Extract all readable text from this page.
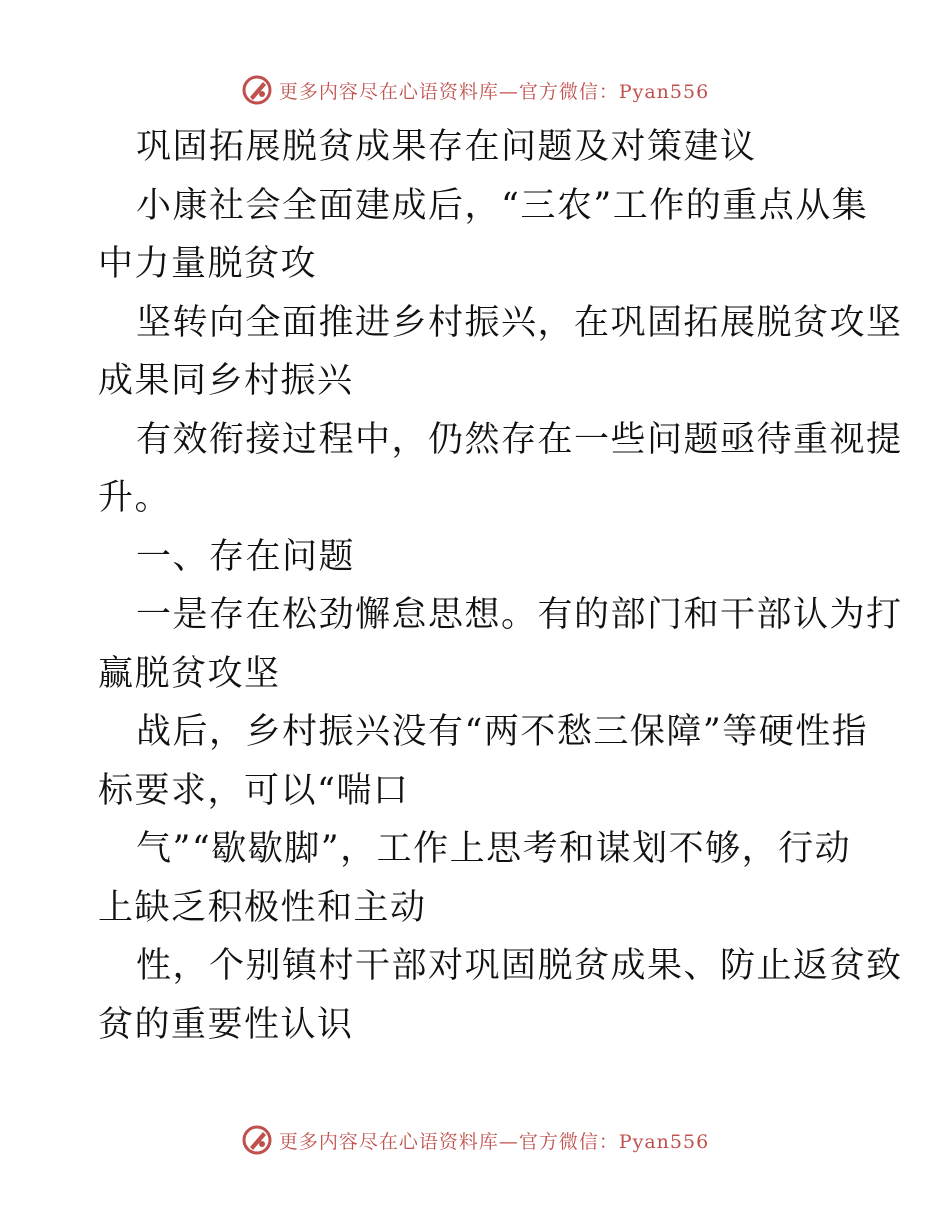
更多内容尽在心语资料库—官方微信：Pyan556
巩固拓展脱贫成果存在问题及对策建议
小康社会全面建成后，“三农”工作的重点从集
中力量脱贫攻
坚转向全面推进乡村振兴，在巩固拓展脱贫攻坚
成果同乡村振兴
有效衔接过程中，仍然存在一些问题亟待重视提
升。
一、存在问题
一是存在松劲懈怠思想。有的部门和干部认为打
赢脱贫攻坚
战后，乡村振兴没有“两不愁三保障”等硬性指
标要求，可以“喘口
气”“歇歇脚”，工作上思考和谋划不够，行动
上缺乏积极性和主动
性，个别镇村干部对巩固脱贫成果、防止返贫致
贫的重要性认识
更多内容尽在心语资料库—官方微信：Pyan556
